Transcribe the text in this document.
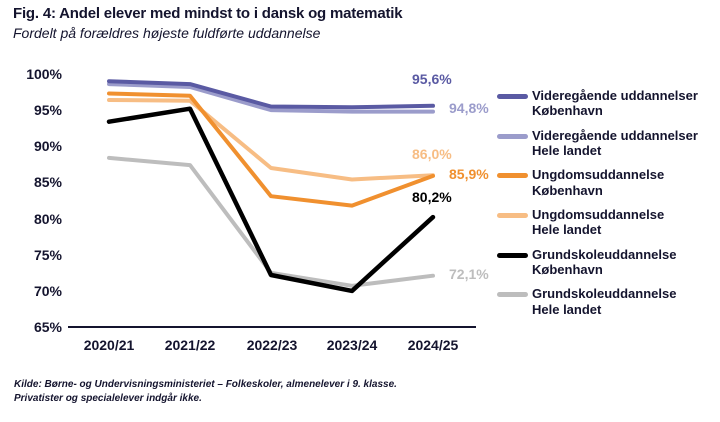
Fig. 4: Andel elever med mindst to i dansk og matematik
Fordelt på forældres højeste fuldførte uddannelse
100%
95%
90%
85%
80%
75%
70%
65%
2020/21	2021/22	2022/23	2023/24	2024/25
95,6%
94,8%
85,9%
86,0%
80,2%
72,1%
Videregående uddannelser
København
Videregående uddannelser
Hele landet
Ungdomsuddannelse
København
Ungdomsuddannelse
Hele landet
Grundskoleuddannelse
København
Grundskoleuddannelse
Hele landet
Kilde: Børne- og Undervisningsministeriet – Folkeskoler, almenelever i 9. klasse.
Privatister og specialelever indgår ikke.
